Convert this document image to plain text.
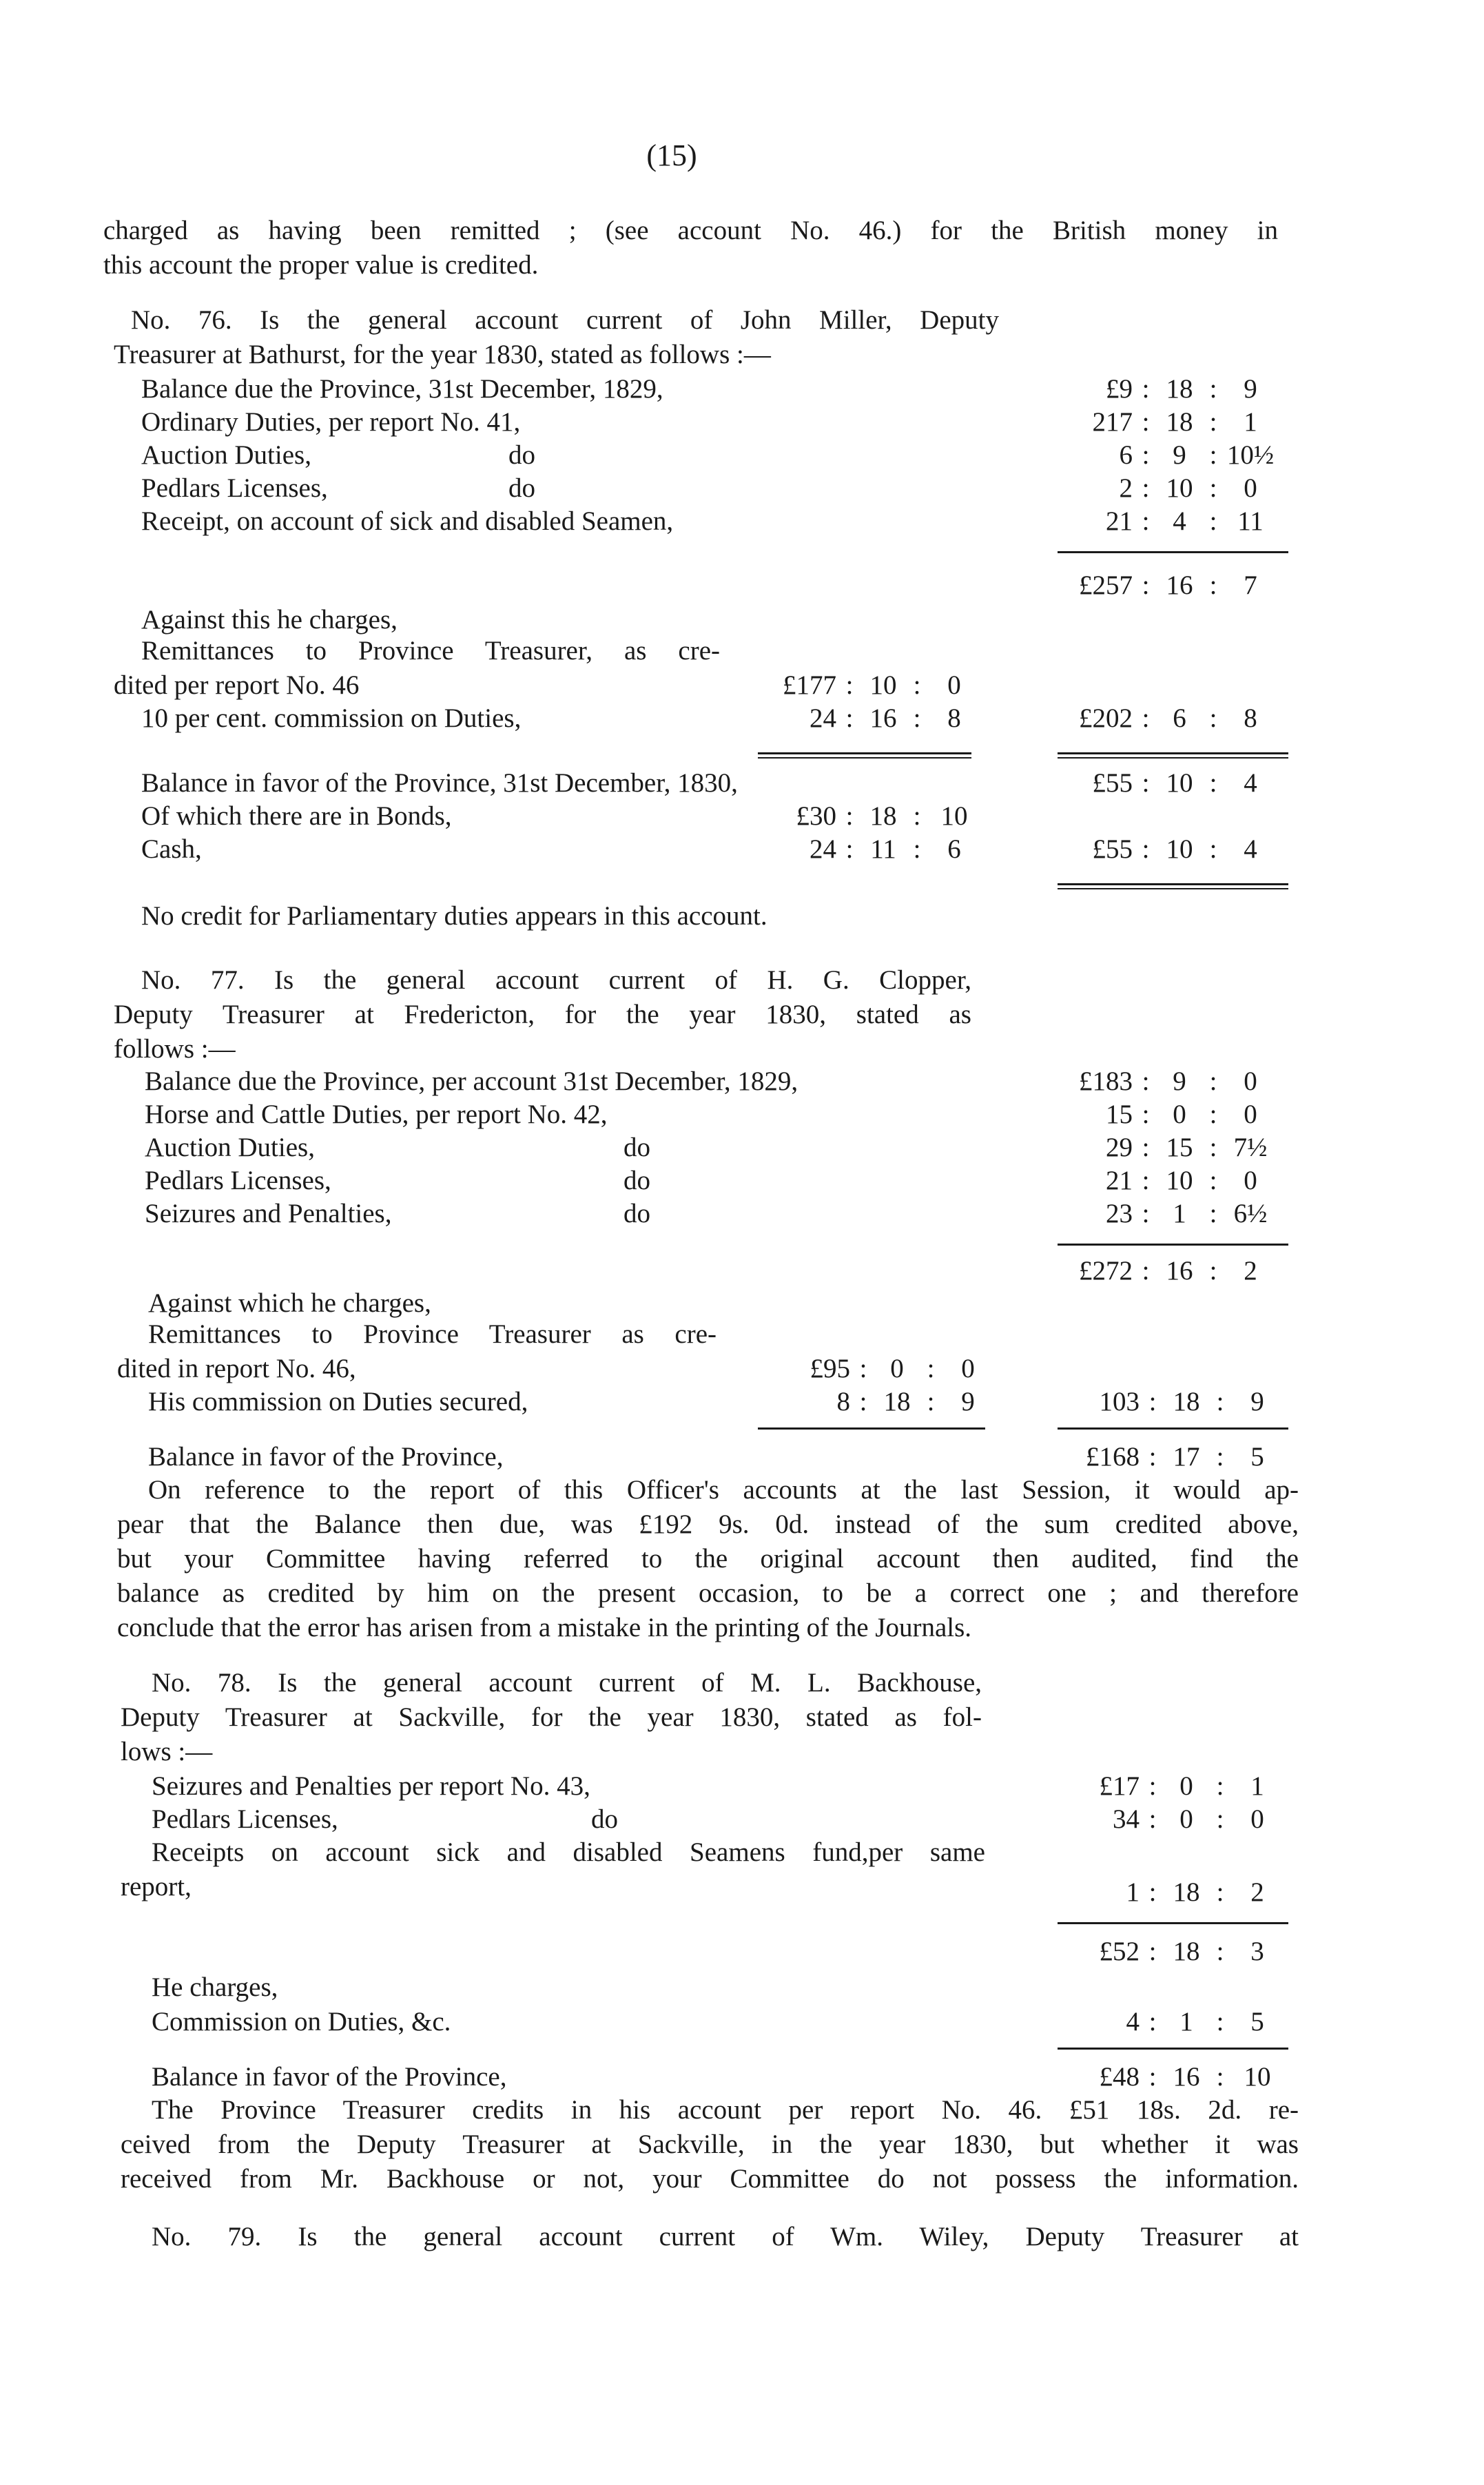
(15)
charged as having been remitted ; (see account No. 46.) for the British money in
this account the proper value is credited.
No. 76. Is the general account current of John Miller, Deputy
Treasurer at Bathurst, for the year 1830, stated as follows :—
Balance due the Province, 31st December, 1829,	£9 : 18 : 9
Ordinary Duties, per report No. 41,	217 : 18 : 1
Auction Duties,	do	6 : 9 : 10½
Pedlars Licenses,	do	2 : 10 : 0
Receipt, on account of sick and disabled Seamen,	21 : 4 : 11
£257 : 16 : 7
Against this he charges,
Remittances to Province Treasurer, as cre-
dited per report No. 46	£177 : 10 : 0
10 per cent. commission on Duties,	24 : 16 : 8	£202 : 6 : 8
Balance in favor of the Province, 31st December, 1830,	£55 : 10 : 4
Of which there are in Bonds,	£30 : 18 : 10
Cash,	24 : 11 : 6	£55 : 10 : 4
No credit for Parliamentary duties appears in this account.
No. 77. Is the general account current of H. G. Clopper,
Deputy Treasurer at Fredericton, for the year 1830, stated as
follows :—
Balance due the Province, per account 31st December, 1829,	£183 : 9 : 0
Horse and Cattle Duties, per report No. 42,	15 : 0 : 0
Auction Duties,	do	29 : 15 : 7½
Pedlars Licenses,	do	21 : 10 : 0
Seizures and Penalties,	do	23 : 1 : 6½
£272 : 16 : 2
Against which he charges,
Remittances to Province Treasurer as cre-
dited in report No. 46,	£95 : 0 : 0
His commission on Duties secured,	8 : 18 : 9	103 : 18 : 9
Balance in favor of the Province,	£168 : 17 : 5
On reference to the report of this Officer's accounts at the last Session, it would ap-
pear that the Balance then due, was £192 9s. 0d. instead of the sum credited above,
but your Committee having referred to the original account then audited, find the
balance as credited by him on the present occasion, to be a correct one ; and therefore
conclude that the error has arisen from a mistake in the printing of the Journals.
No. 78. Is the general account current of M. L. Backhouse,
Deputy Treasurer at Sackville, for the year 1830, stated as fol-
lows :—
Seizures and Penalties per report No. 43,	£17 : 0 : 1
Pedlars Licenses,	do	34 : 0 : 0
Receipts on account sick and disabled Seamens fund,per same
report,	1 : 18 : 2
£52 : 18 : 3
He charges,
Commission on Duties, &c.	4 : 1 : 5
Balance in favor of the Province,	£48 : 16 : 10
The Province Treasurer credits in his account per report No. 46. £51 18s. 2d. re-
ceived from the Deputy Treasurer at Sackville, in the year 1830, but whether it was
received from Mr. Backhouse or not, your Committee do not possess the information.
No. 79. Is the general account current of Wm. Wiley, Deputy Treasurer at
